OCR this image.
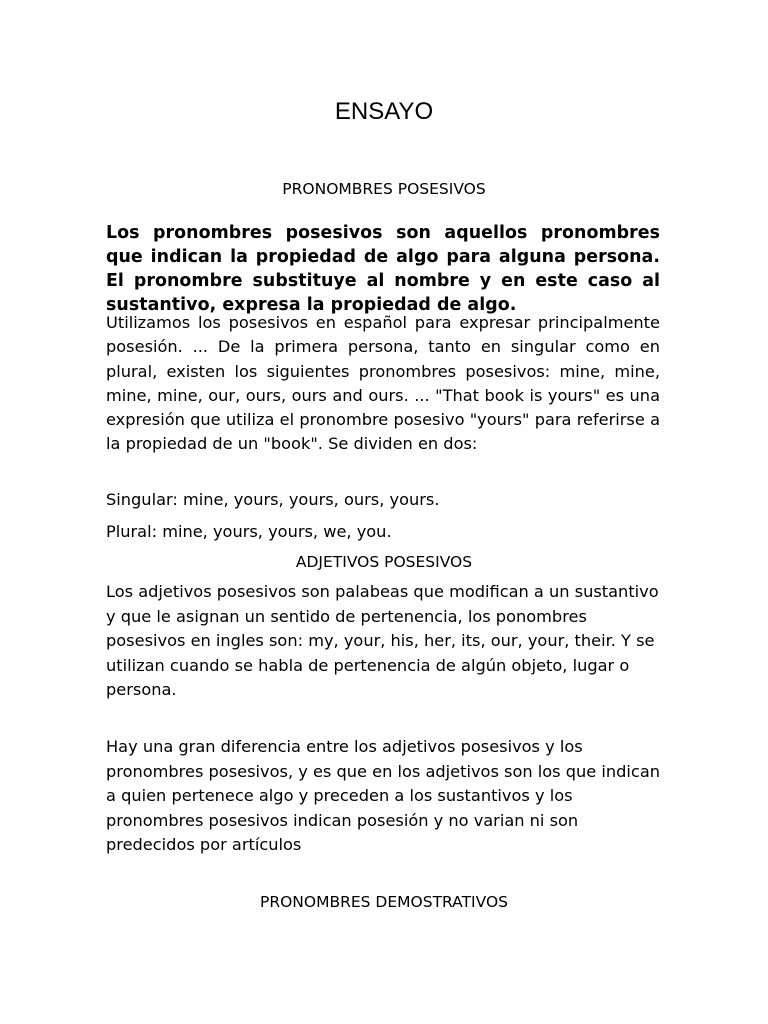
ENSAYO
PRONOMBRES POSESIVOS

Los pronombres posesivos son aquellos pronombres que indican la propiedad de algo para alguna persona. El pronombre substituye al nombre y en este caso al sustantivo, expresa la propiedad de algo.

Utilizamos los posesivos en español para expresar principalmente posesión. ... De la primera persona, tanto en singular como en plural, existen los siguientes pronombres posesivos: mine, mine, mine, mine, our, ours, ours and ours. ... "That book is yours" es una expresión que utiliza el pronombre posesivo "yours" para referirse a la propiedad de un "book". Se dividen en dos:

Singular: mine, yours, yours, ours, yours.

Plural: mine, yours, yours, we, you.

ADJETIVOS POSESIVOS

Los adjetivos posesivos son palabeas que modifican a un sustantivo y que le asignan un sentido de pertenencia, los ponombres posesivos en ingles son: my, your, his, her, its, our, your, their. Y se utilizan cuando se habla de pertenencia de algún objeto, lugar o persona.

Hay una gran diferencia entre los adjetivos posesivos y los pronombres posesivos, y es que en los adjetivos son los que indican a quien pertenece algo y preceden a los sustantivos y los pronombres posesivos indican posesión y no varian ni son predecidos por artículos

PRONOMBRES DEMOSTRATIVOS
